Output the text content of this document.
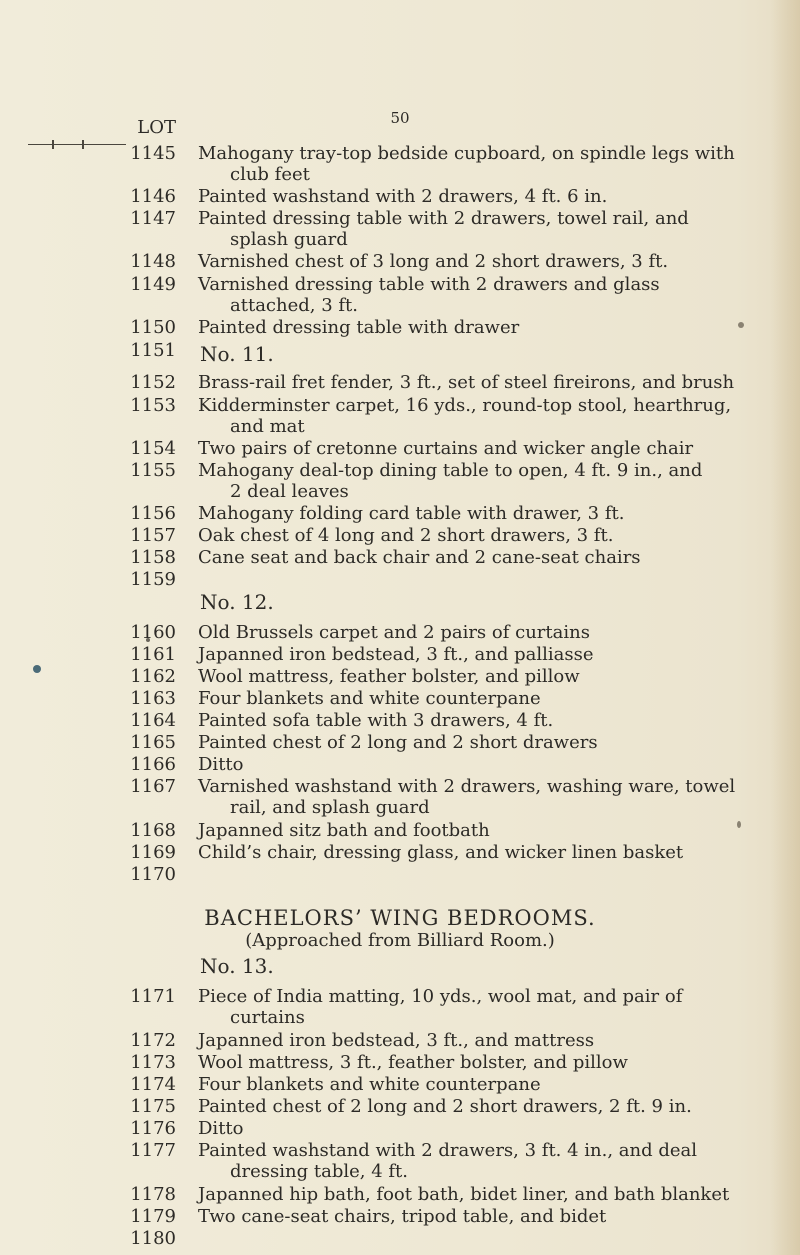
50
LOT
1145 Mahogany tray-top bedside cupboard, on spindle legs with
club feet
1146 Painted washstand with 2 drawers, 4 ft. 6 in.
1147 Painted dressing table with 2 drawers, towel rail, and
splash guard
1148 Varnished chest of 3 long and 2 short drawers, 3 ft.
1149 Varnished dressing table with 2 drawers and glass
attached, 3 ft.
1150 Painted dressing table with drawer
1151 No. 11.
1152 Brass-rail fret fender, 3 ft., set of steel fireirons, and brush
1153 Kidderminster carpet, 16 yds., round-top stool, hearthrug,
and mat
1154 Two pairs of cretonne curtains and wicker angle chair
1155 Mahogany deal-top dining table to open, 4 ft. 9 in., and
2 deal leaves
1156 Mahogany folding card table with drawer, 3 ft.
1157 Oak chest of 4 long and 2 short drawers, 3 ft.
1158 Cane seat and back chair and 2 cane-seat chairs
1159
No. 12.
1160 Old Brussels carpet and 2 pairs of curtains
1161 Japanned iron bedstead, 3 ft., and palliasse
1162 Wool mattress, feather bolster, and pillow
1163 Four blankets and white counterpane
1164 Painted sofa table with 3 drawers, 4 ft.
1165 Painted chest of 2 long and 2 short drawers
1166 Ditto
1167 Varnished washstand with 2 drawers, washing ware, towel
rail, and splash guard
1168 Japanned sitz bath and footbath
1169 Child’s chair, dressing glass, and wicker linen basket
1170
BACHELORS’ WING BEDROOMS.
(Approached from Billiard Room.)
No. 13.
1171 Piece of India matting, 10 yds., wool mat, and pair of
curtains
1172 Japanned iron bedstead, 3 ft., and mattress
1173 Wool mattress, 3 ft., feather bolster, and pillow
1174 Four blankets and white counterpane
1175 Painted chest of 2 long and 2 short drawers, 2 ft. 9 in.
1176 Ditto
1177 Painted washstand with 2 drawers, 3 ft. 4 in., and deal
dressing table, 4 ft.
1178 Japanned hip bath, foot bath, bidet liner, and bath blanket
1179 Two cane-seat chairs, tripod table, and bidet
1180
